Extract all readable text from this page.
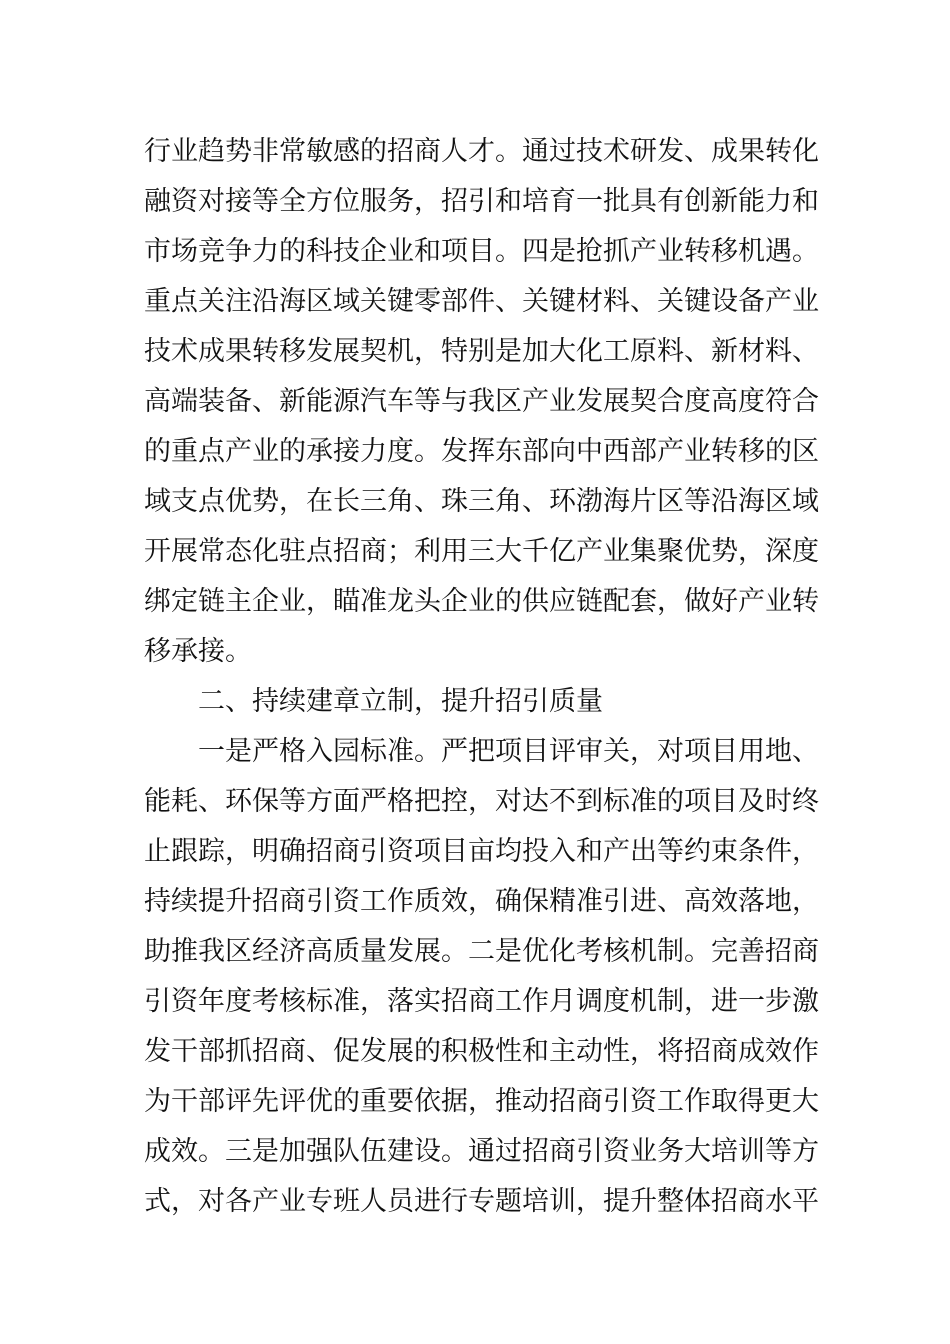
行业趋势非常敏感的招商人才。通过技术研发、成果转化
融资对接等全方位服务，招引和培育一批具有创新能力和
市场竞争力的科技企业和项目。四是抢抓产业转移机遇。
重点关注沿海区域关键零部件、关键材料、关键设备产业
技术成果转移发展契机，特别是加大化工原料、新材料、
高端装备、新能源汽车等与我区产业发展契合度高度符合
的重点产业的承接力度。发挥东部向中西部产业转移的区
域支点优势，在长三角、珠三角、环渤海片区等沿海区域
开展常态化驻点招商；利用三大千亿产业集聚优势，深度
绑定链主企业，瞄准龙头企业的供应链配套，做好产业转
移承接。
二、持续建章立制，提升招引质量
一是严格入园标准。严把项目评审关，对项目用地、
能耗、环保等方面严格把控，对达不到标准的项目及时终
止跟踪，明确招商引资项目亩均投入和产出等约束条件，
持续提升招商引资工作质效，确保精准引进、高效落地，
助推我区经济高质量发展。二是优化考核机制。完善招商
引资年度考核标准，落实招商工作月调度机制，进一步激
发干部抓招商、促发展的积极性和主动性，将招商成效作
为干部评先评优的重要依据，推动招商引资工作取得更大
成效。三是加强队伍建设。通过招商引资业务大培训等方
式，对各产业专班人员进行专题培训，提升整体招商水平
